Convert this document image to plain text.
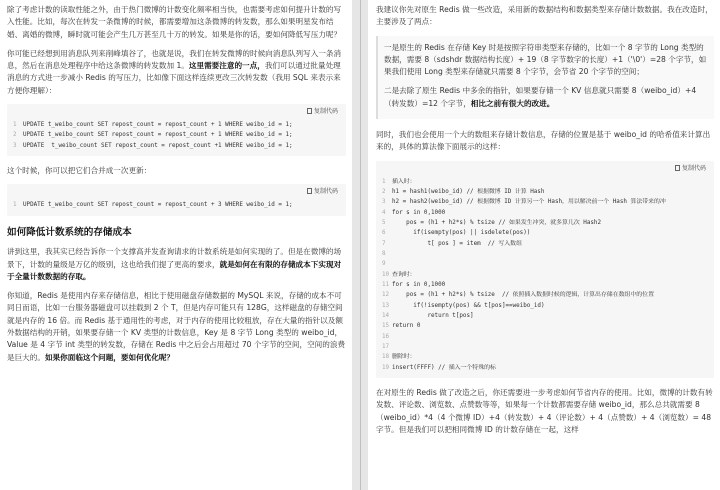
除了考虑计数的读取性能之外，由于热门微博的计数变化频率相当快，也需要考虑如何提升计数的写入性能。比如，每次在转发一条微博的时候，都需要增加这条微博的转发数，那么如果明星发布结婚、离婚的微博，瞬时就可能会产生几万甚至几十万的转发。如果是你的话，要如何降低写压力呢？

你可能已经想到用消息队列来削峰填谷了，也就是说，我们在转发微博的时候向消息队列写入一条消息，然后在消息处理程序中给这条微博的转发数加 1。这里需要注意的一点，我们可以通过批量处理消息的方式进一步减小 Redis 的写压力，比如像下面这样连续更改三次转发数（我用 SQL 来表示来方便你理解）：

复制代码
1 UPDATE t_weibo_count SET repost_count = repost_count + 1 WHERE weibo_id = 1;
2 UPDATE t_weibo_count SET repost_count = repost_count + 1 WHERE weibo_id = 1;
3 UPDATE  t_weibo_count SET repost_count = repost_count +1 WHERE weibo_id = 1;

这个时候，你可以把它们合并成一次更新：

复制代码
1 UPDATE t_weibo_count SET repost_count = repost_count + 3 WHERE weibo_id = 1;
如何降低计数系统的存储成本

讲到这里，我其实已经告诉你一个支撑高并发查询请求的计数系统是如何实现的了。但是在微博的场景下，计数的量级是万亿的级别，这也给我们提了更高的要求，就是如何在有限的存储成本下实现对于全量计数数据的存取。

你知道，Redis 是使用内存来存储信息，相比于使用磁盘存储数据的 MySQL 来说，存储的成本不可同日而语，比如一台服务器磁盘可以挂载到 2 个 T，但是内存可能只有 128G，这样磁盘的存储空间就是内存的 16 倍。而 Redis 基于通用性的考虑，对于内存的使用比较粗放，存在大量的指针以及额外数据结构的开销，如果要存储一个 KV 类型的计数信息，Key 是 8 字节 Long 类型的 weibo_id，Value 是 4 字节 int 类型的转发数，存储在 Redis 中之后会占用超过 70 个字节的空间，空间的浪费是巨大的。如果你面临这个问题，要如何优化呢？

我建议你先对原生 Redis 做一些改造，采用新的数据结构和数据类型来存储计数数据。我在改造时，主要涉及了两点：

一是原生的 Redis 在存储 Key 时是按照字符串类型来存储的，比如一个 8 字节的 Long 类型的数据，需要 8（sdshdr 数据结构长度）+ 19（8 字节数字的长度）+1（'\0'）=28 个字节，如果我们使用 Long 类型来存储就只需要 8 个字节，会节省 20 个字节的空间；

二是去除了原生 Redis 中多余的指针，如果要存储一个 KV 信息就只需要 8（weibo_id）+4（转发数）=12 个字节，相比之前有很大的改进。

同时，我们也会使用一个大的数组来存储计数信息，存储的位置是基于 weibo_id 的哈希值来计算出来的，具体的算法像下面展示的这样：

复制代码
1 插入时：
2 h1 = hash1(weibo_id) // 根据微博 ID 计算 Hash
3 h2 = hash2(weibo_id) // 根据微博 ID 计算另一个 Hash，用以解决前一个 Hash 算法带来的冲
4 for s in 0,1000
5    pos = (h1 + h2*s) % tsize // 如果发生冲突，就多算几次 Hash2
6      if(isempty(pos) || isdelete(pos))
7          t[ pos ] = item  // 写入数组
8
9
10 查询时：
11 for s in 0,1000
12    pos = (h1 + h2*s) % tsize  // 依照插入数据时候的逻辑，计算出存储在数组中的位置
13      if(!isempty(pos) && t[pos]==weibo_id)
14          return t[pos]
15 return 0
16
17
18 删除时：
19 insert(FFFF) // 插入一个特殊的标

在对原生的 Redis 做了改造之后，你还需要进一步考虑如何节省内存的使用。比如，微博的计数有转发数、评论数、浏览数、点赞数等等，如果每一个计数都需要存储 weibo_id，那么总共就需要 8（weibo_id）*4（4 个微博 ID）+4（转发数）+ 4（评论数）+ 4（点赞数）+ 4（浏览数）= 48 字节。但是我们可以把相同微博 ID 的计数存储在一起，这样
